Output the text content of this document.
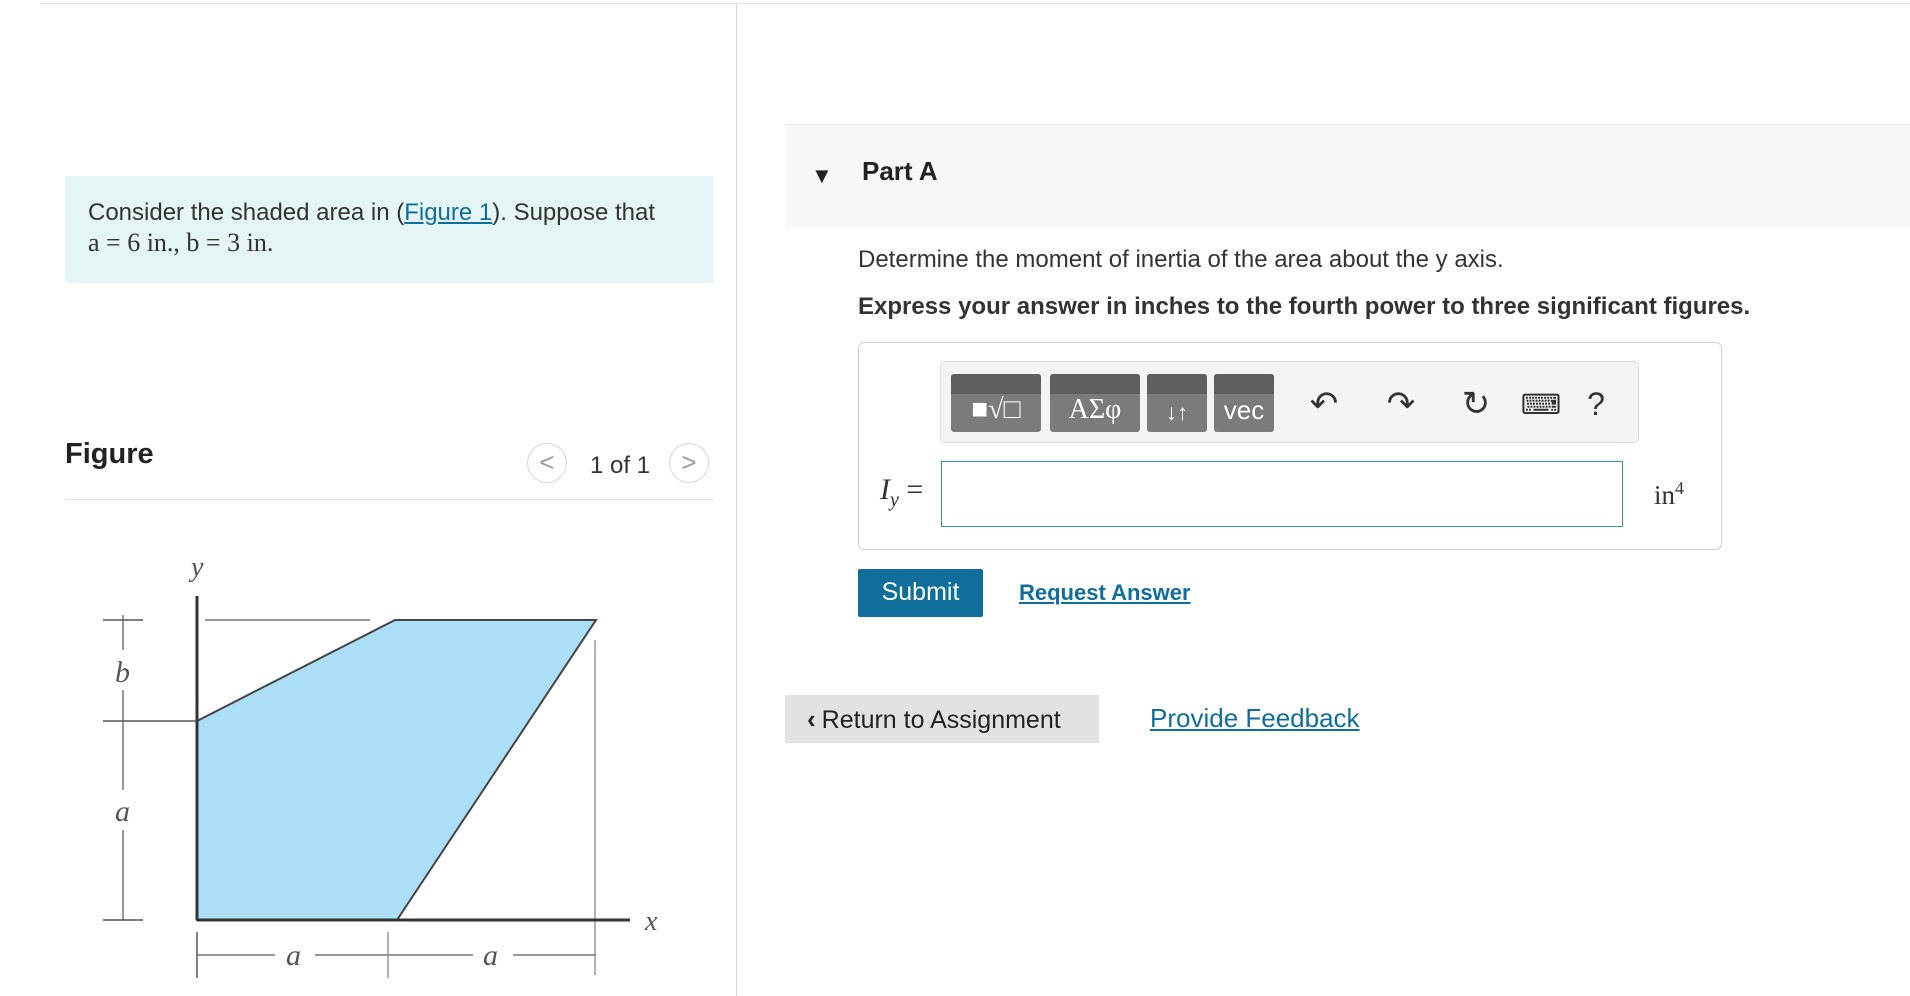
Consider the shaded area in (Figure 1). Suppose that
a = 6 in., b = 3 in.
Figure	<	1 of 1	>
y
x
b
a
a	a
▼ Part A
Determine the moment of inertia of the area about the y axis.
Express your answer in inches to the fourth power to three significant figures.
■√□	ΑΣφ	↓↑	vec ↶ ↷ ↻ ⌨ ?
$I_y$ =	$in^4$
Submit	Request Answer
‹ Return to Assignment	Provide Feedback
